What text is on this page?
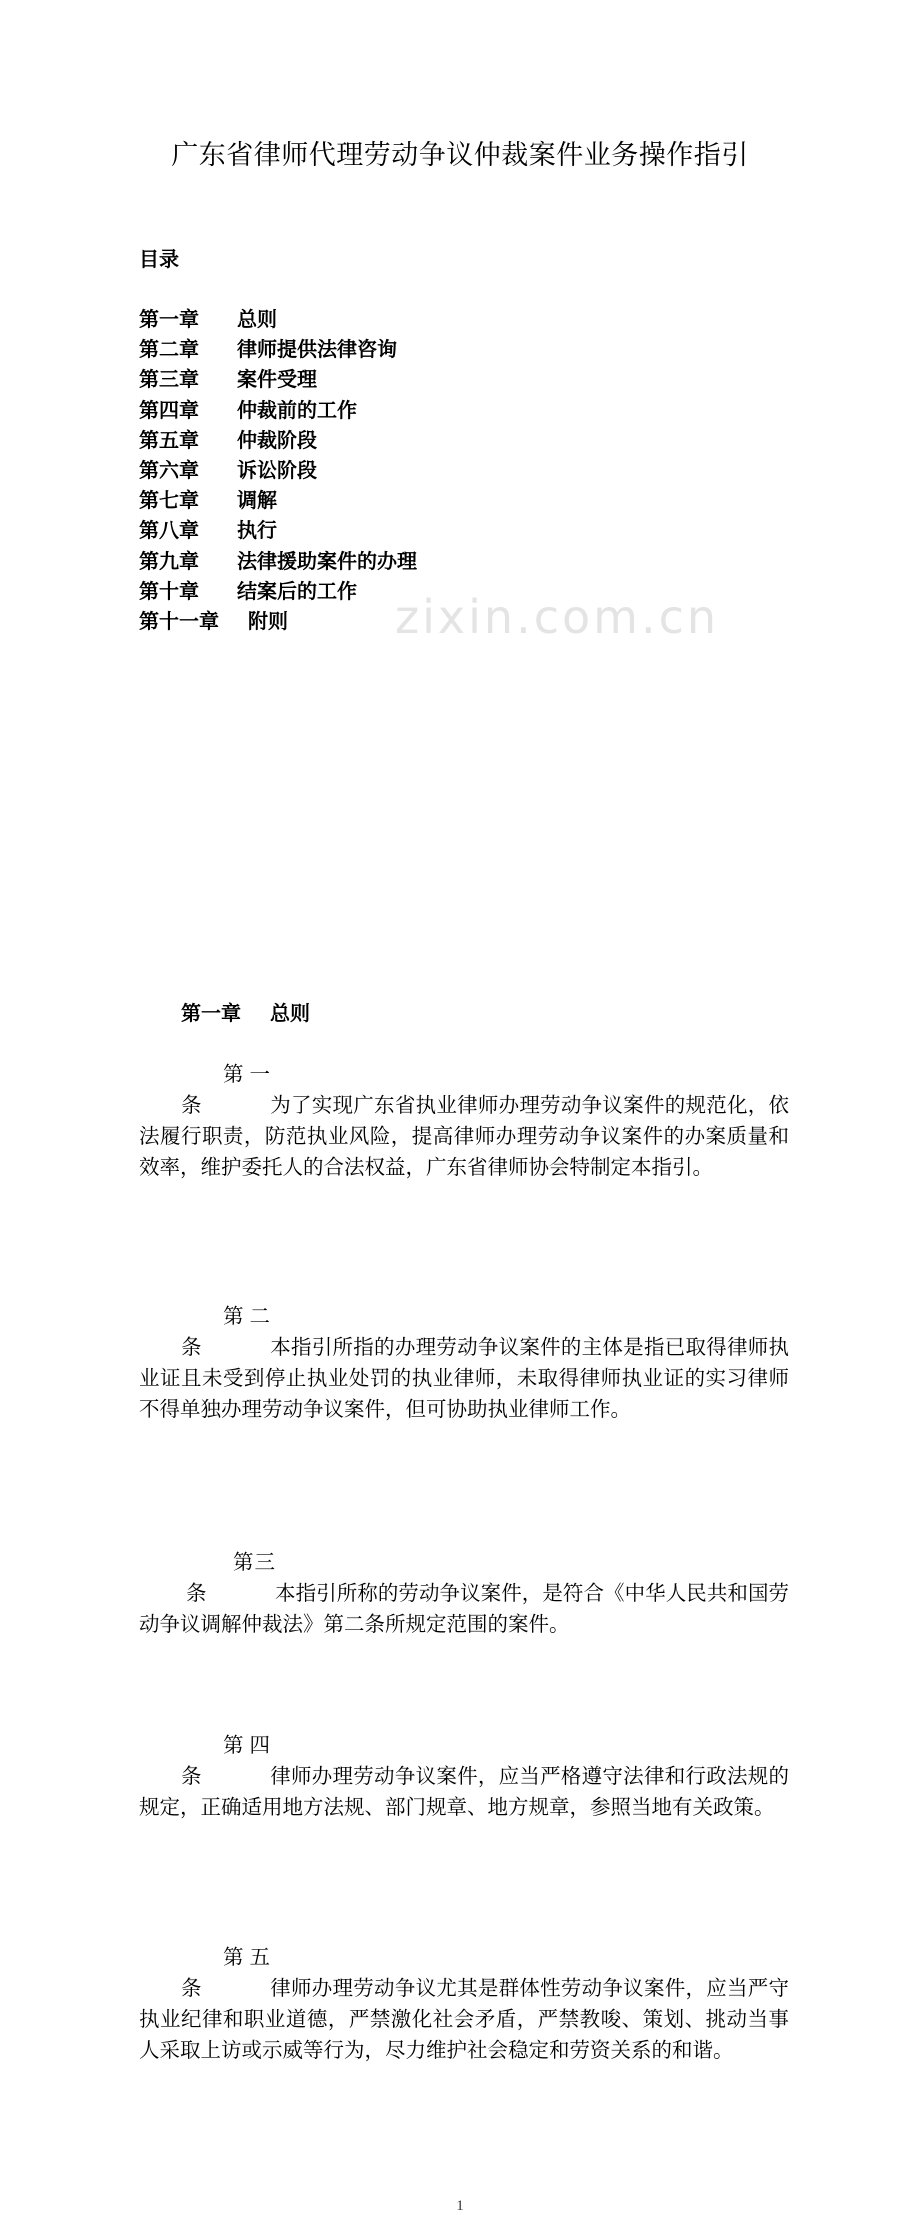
zixin.com.cn
广东省律师代理劳动争议仲裁案件业务操作指引
目录
第一章 总则
第二章 律师提供法律咨询
第三章 案件受理
第四章 仲裁前的工作
第五章 仲裁阶段
第六章 诉讼阶段
第七章 调解
第八章 执行
第九章 法律援助案件的办理
第十章 结案后的工作
第十一章 附则
第一章 总则

第一条	为了实现广东省执业律师办理劳动争议案件的规范化，依法履行职责，防范执业风险，提高律师办理劳动争议案件的办案质量和效率，维护委托人的合法权益，广东省律师协会特制定本指引。

第二条	本指引所指的办理劳动争议案件的主体是指已取得律师执业证且未受到停止执业处罚的执业律师，未取得律师执业证的实习律师不得单独办理劳动争议案件，但可协助执业律师工作。

第三条	本指引所称的劳动争议案件，是符合《中华人民共和国劳动争议调解仲裁法》第二条所规定范围的案件。

第四条	律师办理劳动争议案件，应当严格遵守法律和行政法规的规定，正确适用地方法规、部门规章、地方规章，参照当地有关政策。

第五条	律师办理劳动争议尤其是群体性劳动争议案件，应当严守执业纪律和职业道德，严禁激化社会矛盾，严禁教唆、策划、挑动当事人采取上访或示威等行为，尽力维护社会稳定和劳资关系的和谐。

1
